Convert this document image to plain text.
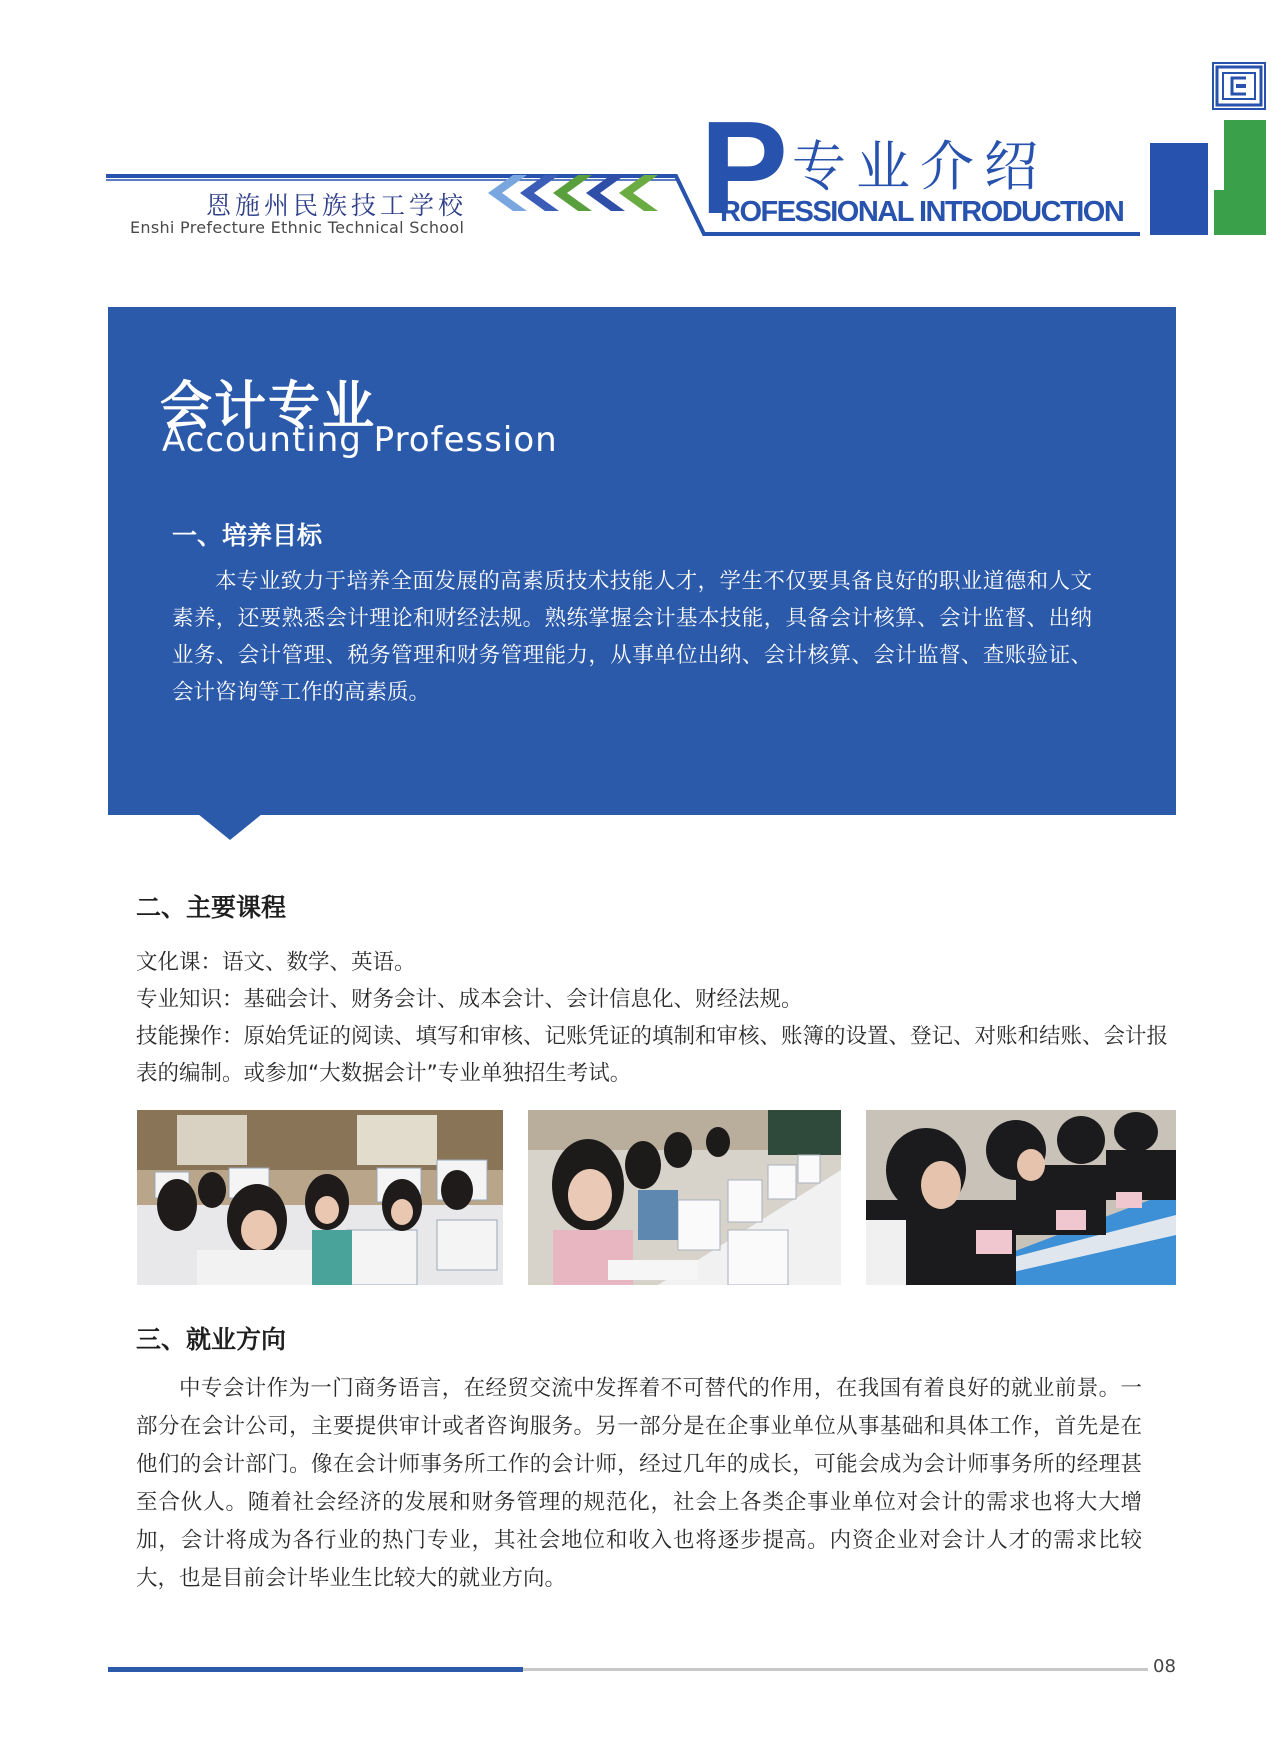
恩施州民族技工学校
Enshi Prefecture Ethnic Technical School P 专业介绍
ROFESSIONAL INTRODUCTION
会计专业
Accounting Profession
一、培养目标

本专业致力于培养全面发展的高素质技术技能人才，学生不仅要具备良好的职业道德和人文素养，还要熟悉会计理论和财经法规。熟练掌握会计基本技能，具备会计核算、会计监督、出纳业务、会计管理、税务管理和财务管理能力，从事单位出纳、会计核算、会计监督、查账验证、会计咨询等工作的高素质。

二、主要课程

文化课：语文、数学、英语。

专业知识：基础会计、财务会计、成本会计、会计信息化、财经法规。

技能操作：原始凭证的阅读、填写和审核、记账凭证的填制和审核、账簿的设置、登记、对账和结账、会计报表的编制。或参加“大数据会计”专业单独招生考试。

三、就业方向

中专会计作为一门商务语言，在经贸交流中发挥着不可替代的作用，在我国有着良好的就业前景。一部分在会计公司，主要提供审计或者咨询服务。另一部分是在企事业单位从事基础和具体工作，首先是在他们的会计部门。像在会计师事务所工作的会计师，经过几年的成长，可能会成为会计师事务所的经理甚至合伙人。随着社会经济的发展和财务管理的规范化，社会上各类企事业单位对会计的需求也将大大增加，会计将成为各行业的热门专业，其社会地位和收入也将逐步提高。内资企业对会计人才的需求比较大，也是目前会计毕业生比较大的就业方向。

08
